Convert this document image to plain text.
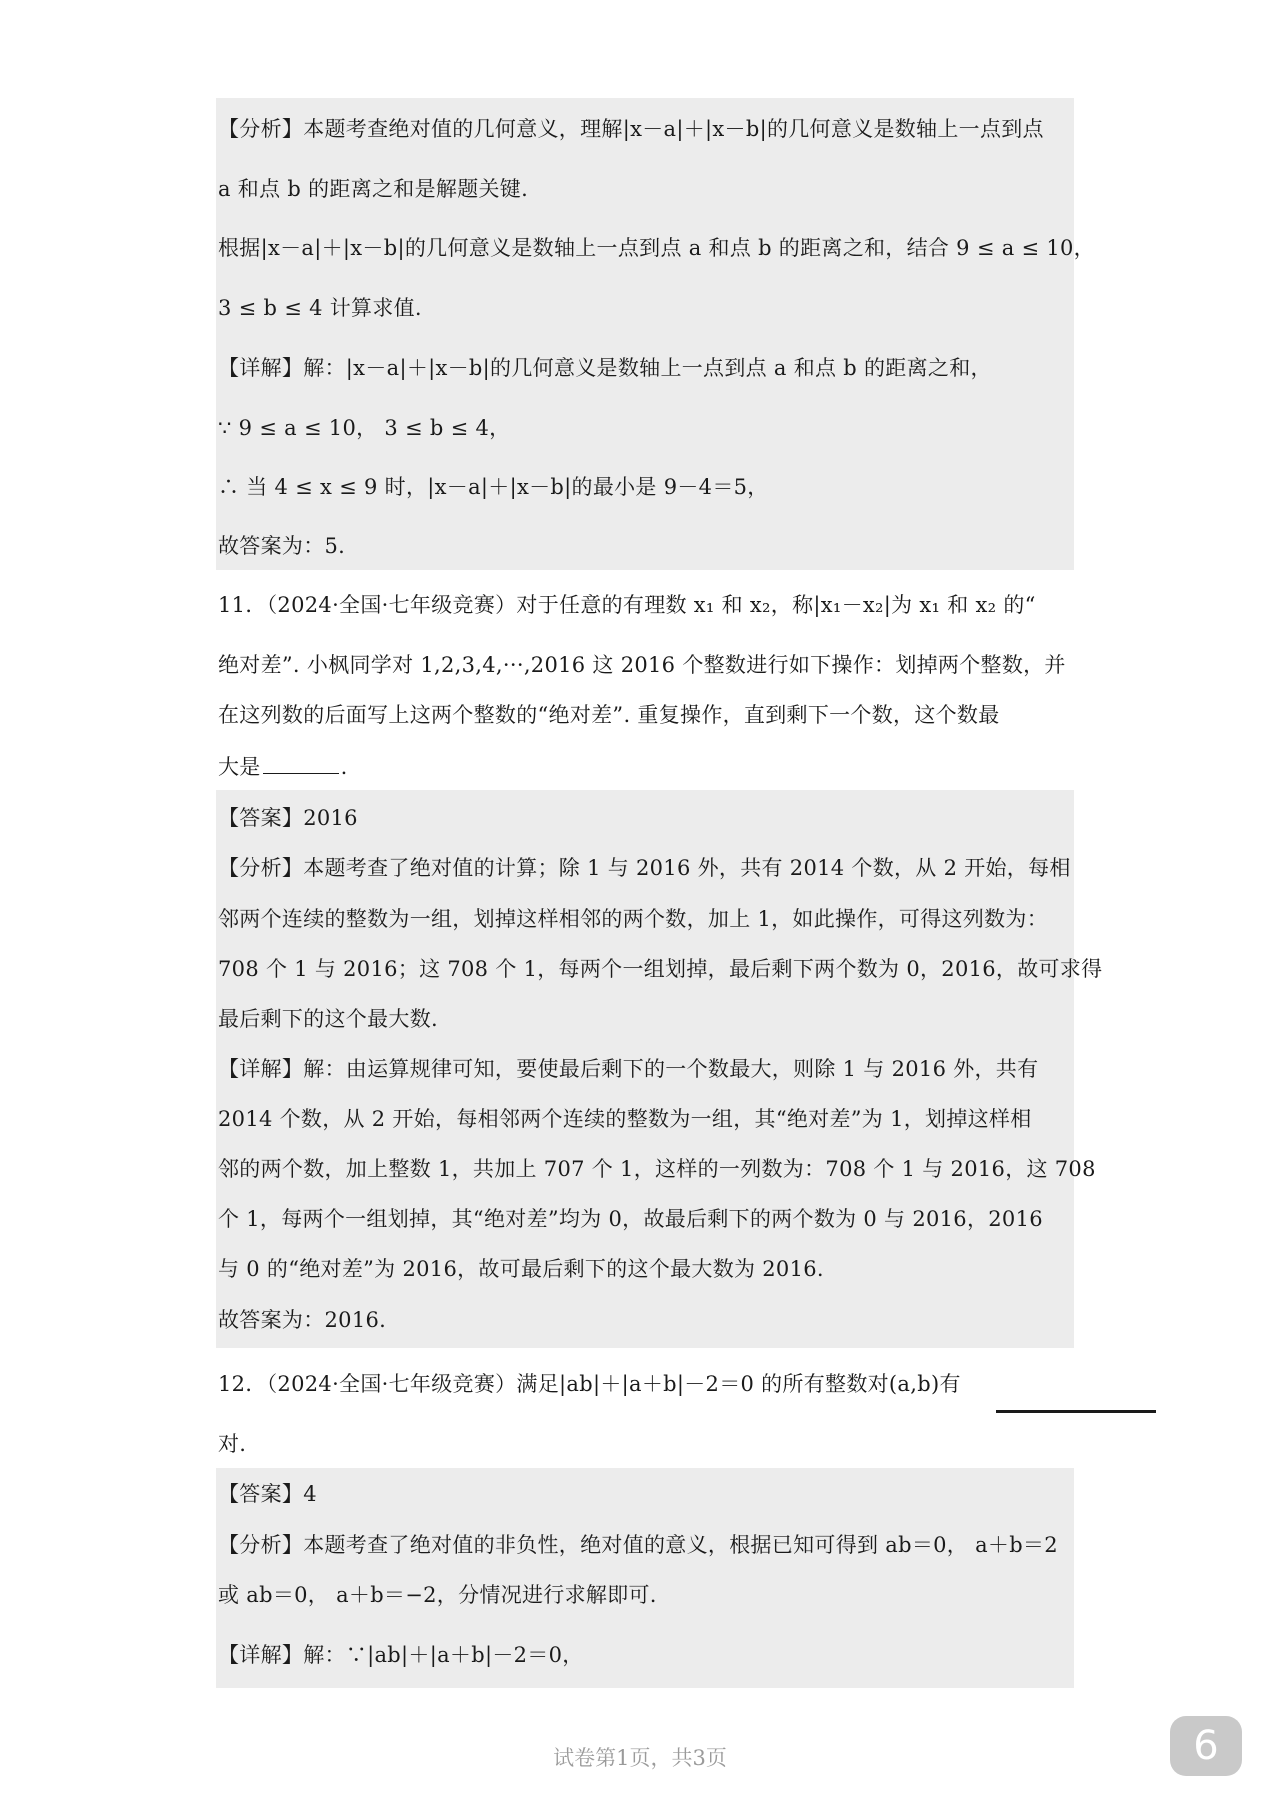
【分析】本题考查绝对值的几何意义，理解|x－a|＋|x－b|的几何意义是数轴上一点到点
a 和点 b 的距离之和是解题关键.
根据|x－a|＋|x－b|的几何意义是数轴上一点到点 a 和点 b 的距离之和，结合 9 ≤ a ≤ 10，
3 ≤ b ≤ 4 计算求值.
【详解】解：|x－a|＋|x－b|的几何意义是数轴上一点到点 a 和点 b 的距离之和，
∵ 9 ≤ a ≤ 10， 3 ≤ b ≤ 4，
∴ 当 4 ≤ x ≤ 9 时，|x－a|＋|x－b|的最小是 9－4＝5，
故答案为：5.
11．（2024·全国·七年级竞赛）对于任意的有理数 x₁ 和 x₂，称|x₁－x₂|为 x₁ 和 x₂ 的“
绝对差”. 小枫同学对 1,2,3,4,···,2016 这 2016 个整数进行如下操作：划掉两个整数，并
在这列数的后面写上这两个整数的“绝对差”. 重复操作，直到剩下一个数，这个数最
大是	.
【答案】2016
【分析】本题考查了绝对值的计算；除 1 与 2016 外，共有 2014 个数，从 2 开始，每相
邻两个连续的整数为一组，划掉这样相邻的两个数，加上 1，如此操作，可得这列数为：
708 个 1 与 2016；这 708 个 1，每两个一组划掉，最后剩下两个数为 0，2016，故可求得
最后剩下的这个最大数.
【详解】解：由运算规律可知，要使最后剩下的一个数最大，则除 1 与 2016 外，共有
2014 个数，从 2 开始，每相邻两个连续的整数为一组，其“绝对差”为 1，划掉这样相
邻的两个数，加上整数 1，共加上 707 个 1，这样的一列数为：708 个 1 与 2016，这 708
个 1，每两个一组划掉，其“绝对差”均为 0，故最后剩下的两个数为 0 与 2016，2016
与 0 的“绝对差”为 2016，故可最后剩下的这个最大数为 2016.
故答案为：2016.
12．（2024·全国·七年级竞赛）满足|ab|＋|a＋b|－2＝0 的所有整数对(a,b)有
对.
【答案】4
【分析】本题考查了绝对值的非负性，绝对值的意义，根据已知可得到 ab＝0， a＋b＝2
或 ab＝0， a＋b＝−2，分情况进行求解即可.
【详解】解：∵|ab|＋|a＋b|－2＝0，
试卷第1页，共3页	6
